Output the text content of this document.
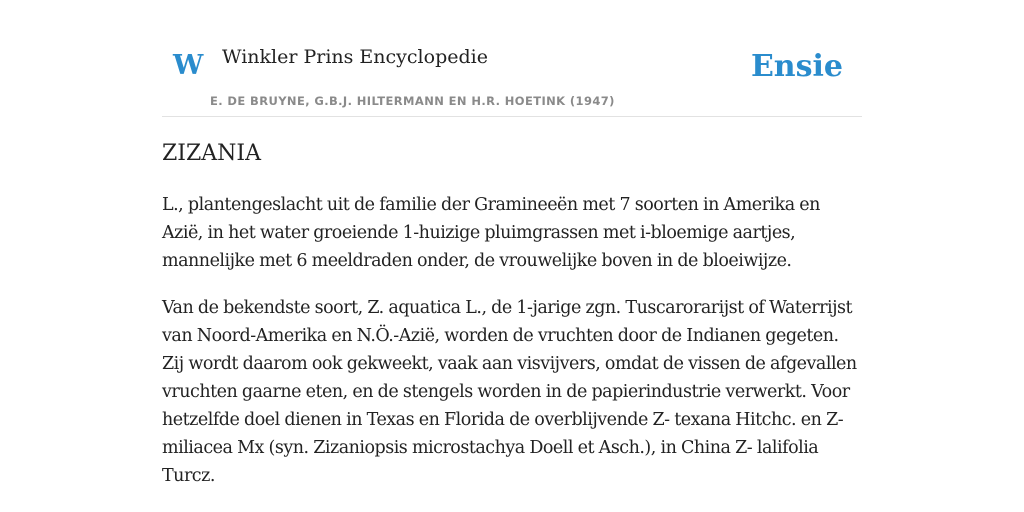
W Winkler Prins Encyclopedie	Ensie
E. DE BRUYNE, G.B.J. HILTERMANN EN H.R. HOETINK (1947)
ZIZANIA

L., plantengeslacht uit de familie der Gramineeën met 7 soorten in Amerika en Azië, in het water groeiende 1-huizige pluimgrassen met i-bloemige aartjes, mannelijke met 6 meeldraden onder, de vrouwelijke boven in de bloeiwijze.

Van de bekendste soort, Z. aquatica L., de 1-jarige zgn. Tuscarorarijst of Waterrijst van Noord-Amerika en N.Ö.-Azië, worden de vruchten door de Indianen gegeten. Zij wordt daarom ook gekweekt, vaak aan visvijvers, omdat de vissen de afgevallen vruchten gaarne eten, en de stengels worden in de papierindustrie verwerkt. Voor hetzelfde doel dienen in Texas en Florida de overblijvende Z- texana Hitchc. en Z- miliacea Mx (syn. Zizaniopsis microstachya Doell et Asch.), in China Z- lalifolia Turcz.
